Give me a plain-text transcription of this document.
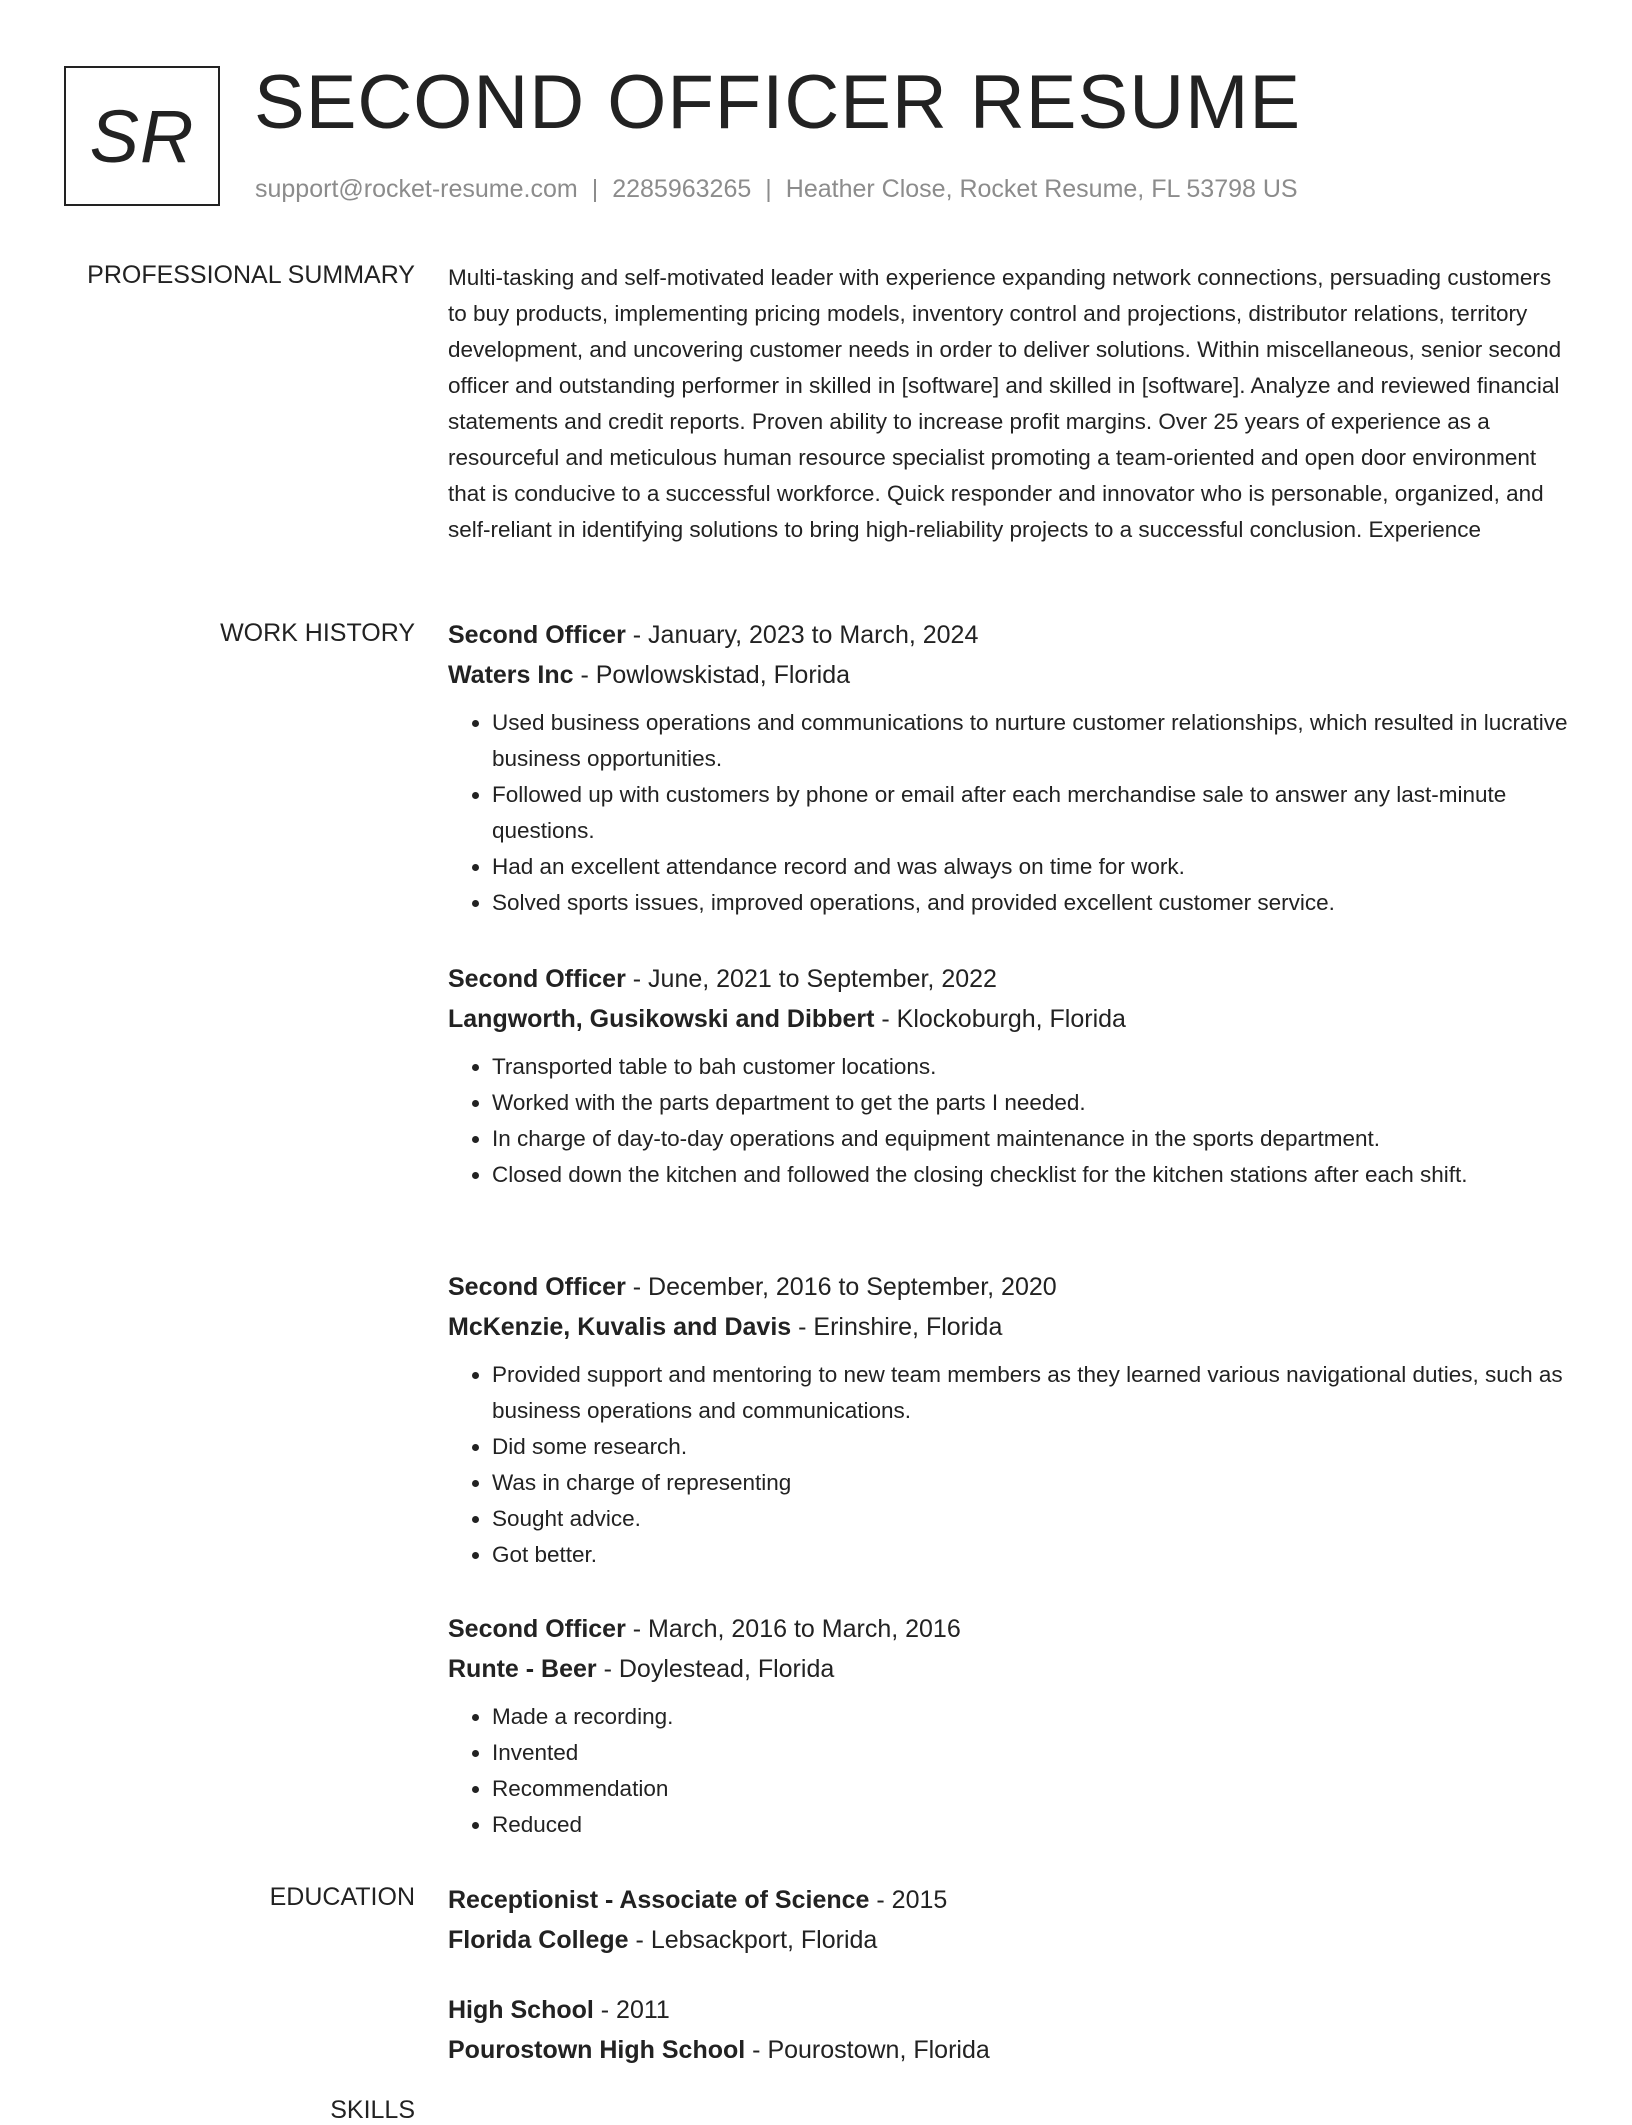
SR SECOND OFFICER RESUME
support@rocket-resume.com | 2285963265 | Heather Close, Rocket Resume, FL 53798 US
PROFESSIONAL SUMMARY Multi-tasking and self-motivated leader with experience expanding network connections, persuading customers to buy products, implementing pricing models, inventory control and projections, distributor relations, territory development, and uncovering customer needs in order to deliver solutions. Within miscellaneous, senior second officer and outstanding performer in skilled in [software] and skilled in [software]. Analyze and reviewed financial statements and credit reports. Proven ability to increase profit margins. Over 25 years of experience as a resourceful and meticulous human resource specialist promoting a team-oriented and open door environment that is conducive to a successful workforce. Quick responder and innovator who is personable, organized, and self-reliant in identifying solutions to bring high-reliability projects to a successful conclusion. Experience

WORK HISTORY Second Officer - January, 2023 to March, 2024
Waters Inc - Powlowskistad, Florida
• Used business operations and communications to nurture customer relationships, which resulted in lucrative business opportunities.
• Followed up with customers by phone or email after each merchandise sale to answer any last-minute questions.
• Had an excellent attendance record and was always on time for work.
• Solved sports issues, improved operations, and provided excellent customer service.
Second Officer - June, 2021 to September, 2022
Langworth, Gusikowski and Dibbert - Klockoburgh, Florida
• Transported table to bah customer locations.
• Worked with the parts department to get the parts I needed.
• In charge of day-to-day operations and equipment maintenance in the sports department.
• Closed down the kitchen and followed the closing checklist for the kitchen stations after each shift.
Second Officer - December, 2016 to September, 2020
McKenzie, Kuvalis and Davis - Erinshire, Florida
• Provided support and mentoring to new team members as they learned various navigational duties, such as business operations and communications.
• Did some research.
• Was in charge of representing
• Sought advice.
• Got better.
Second Officer - March, 2016 to March, 2016
Runte - Beer - Doylestead, Florida
• Made a recording.
• Invented
• Recommendation
• Reduced
EDUCATION Receptionist - Associate of Science - 2015
Florida College - Lebsackport, Florida
High School - 2011
Pourostown High School - Pourostown, Florida
SKILLS
